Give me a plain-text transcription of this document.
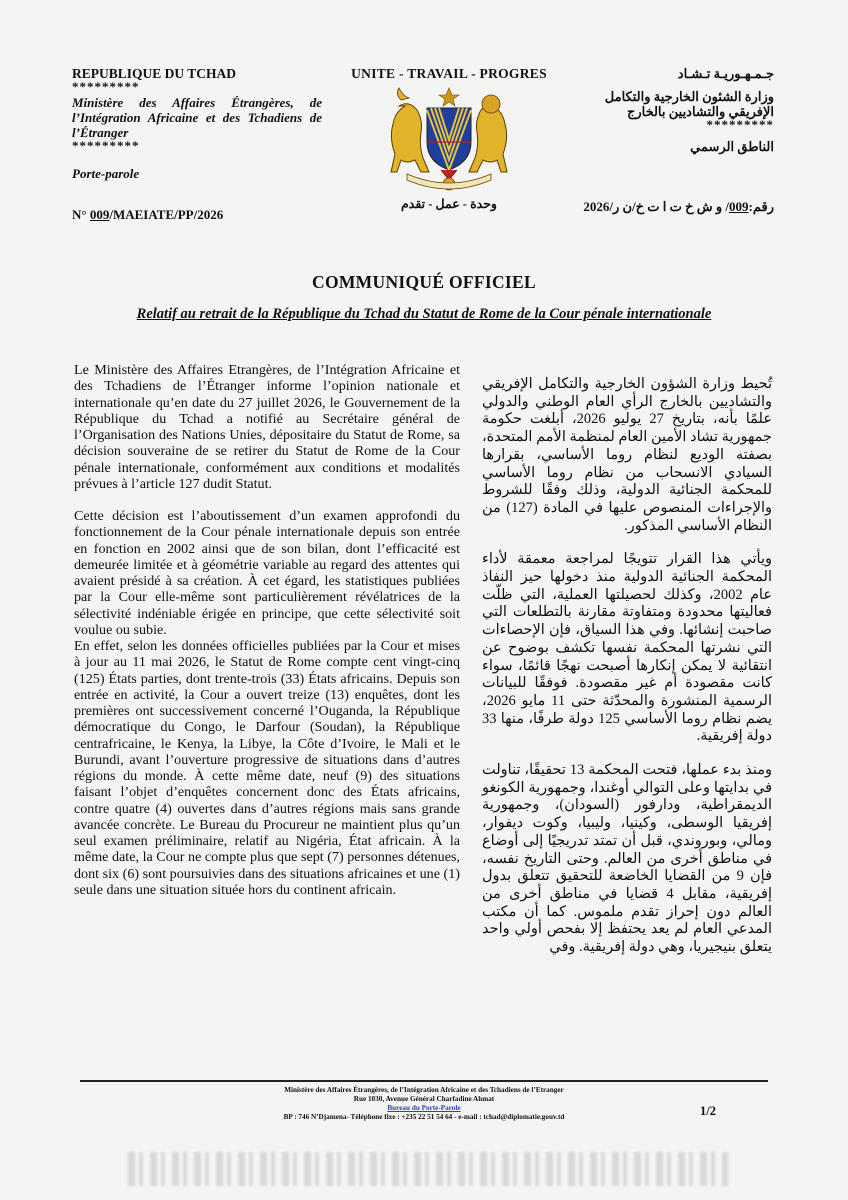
REPUBLIQUE DU TCHAD
*********
Ministère des Affaires Étrangères, de l’Intégration Africaine et des Tchadiens de l’Étranger
*********
Porte-parole
N° 009/MAEIATE/PP/2026
UNITE - TRAVAIL - PROGRES
وحدة - عمل - تقدم
جـمـهـوريـة تـشـاد
وزارة الشئون الخارجية والتكامل الإفريقي والتشاديين بالخارج
*********
الناطق الرسمي
رقم:009/ و ش خ ت ا ت خ/ن ر/2026
COMMUNIQUÉ OFFICIEL
Relatif au retrait de la République du Tchad du Statut de Rome de la Cour pénale internationale

Le Ministère des Affaires Etrangères, de l’Intégration Africaine et des Tchadiens de l’Étranger informe l’opinion nationale et internationale qu’en date du 27 juillet 2026, le Gouvernement de la République du Tchad a notifié au Secrétaire général de l’Organisation des Nations Unies, dépositaire du Statut de Rome, sa décision souveraine de se retirer du Statut de Rome de la Cour pénale internationale, conformément aux conditions et modalités prévues à l’article 127 dudit Statut.

Cette décision est l’aboutissement d’un examen approfondi du fonctionnement de la Cour pénale internationale depuis son entrée en fonction en 2002 ainsi que de son bilan, dont l’efficacité est demeurée limitée et à géométrie variable au regard des attentes qui avaient présidé à sa création. À cet égard, les statistiques publiées par la Cour elle-même sont particulièrement révélatrices de la sélectivité indéniable érigée en principe, que cette sélectivité soit voulue ou subie.

En effet, selon les données officielles publiées par la Cour et mises à jour au 11 mai 2026, le Statut de Rome compte cent vingt-cinq (125) États parties, dont trente-trois (33) États africains. Depuis son entrée en activité, la Cour a ouvert treize (13) enquêtes, dont les premières ont successivement concerné l’Ouganda, la République démocratique du Congo, le Darfour (Soudan), la République centrafricaine, le Kenya, la Libye, la Côte d’Ivoire, le Mali et le Burundi, avant l’ouverture progressive de situations dans d’autres régions du monde. À cette même date, neuf (9) des situations faisant l’objet d’enquêtes concernent donc des États africains, contre quatre (4) ouvertes dans d’autres régions mais sans grande avancée concrète. Le Bureau du Procureur ne maintient plus qu’un seul examen préliminaire, relatif au Nigéria, État africain. À la même date, la Cour ne compte plus que sept (7) personnes détenues, dont six (6) sont poursuivies dans des situations africaines et une (1) seule dans une situation située hors du continent africain.

تُحيط وزارة الشؤون الخارجية والتكامل الإفريقي والتشاديين بالخارج الرأي العام الوطني والدولي علمًا بأنه، بتاريخ 27 يوليو 2026، أبلغت حكومة جمهورية تشاد الأمين العام لمنظمة الأمم المتحدة، بصفته الوديع لنظام روما الأساسي، بقرارها السيادي الانسحاب من نظام روما الأساسي للمحكمة الجنائية الدولية، وذلك وفقًا للشروط والإجراءات المنصوص عليها في المادة (127) من النظام الأساسي المذكور.

ويأتي هذا القرار تتويجًا لمراجعة معمقة لأداء المحكمة الجنائية الدولية منذ دخولها حيز النفاذ عام 2002، وكذلك لحصيلتها العملية، التي ظلّت فعاليتها محدودة ومتفاوتة مقارنة بالتطلعات التي صاحبت إنشائها. وفي هذا السياق، فإن الإحصاءات التي نشرتها المحكمة نفسها تكشف بوضوح عن انتقائية لا يمكن إنكارها أصبحت نهجًا قائمًا، سواء كانت مقصودة أم غير مقصودة. فوفقًا للبيانات الرسمية المنشورة والمحدّثة حتى 11 مايو 2026، يضم نظام روما الأساسي 125 دولة طرفًا، منها 33 دولة إفريقية.

ومنذ بدء عملها، فتحت المحكمة 13 تحقيقًا، تناولت في بدايتها وعلى التوالي أوغندا، وجمهورية الكونغو الديمقراطية، ودارفور (السودان)، وجمهورية إفريقيا الوسطى، وكينيا، وليبيا، وكوت ديفوار، ومالي، وبوروندي، قبل أن تمتد تدريجيًا إلى أوضاع في مناطق أخرى من العالم. وحتى التاريخ نفسه، فإن 9 من القضايا الخاضعة للتحقيق تتعلق بدول إفريقية، مقابل 4 قضايا في مناطق أخرى من العالم دون إحراز تقدم ملموس. كما أن مكتب المدعي العام لم يعد يحتفظ إلا بفحص أولي واحد يتعلق بنيجيريا، وهي دولة إفريقية. وفي

Ministère des Affaires Étrangères, de l’Intégration Africaine et des Tchadiens de l’Etranger
Rue 1030, Avenue Général Charfadine Ahmat
Bureau du Porte-Parole
BP : 746 N’Djamena- Téléphone fixe : +235 22 51 54 64 - e-mail : tchad@diplomatie.gouv.td	1/2
